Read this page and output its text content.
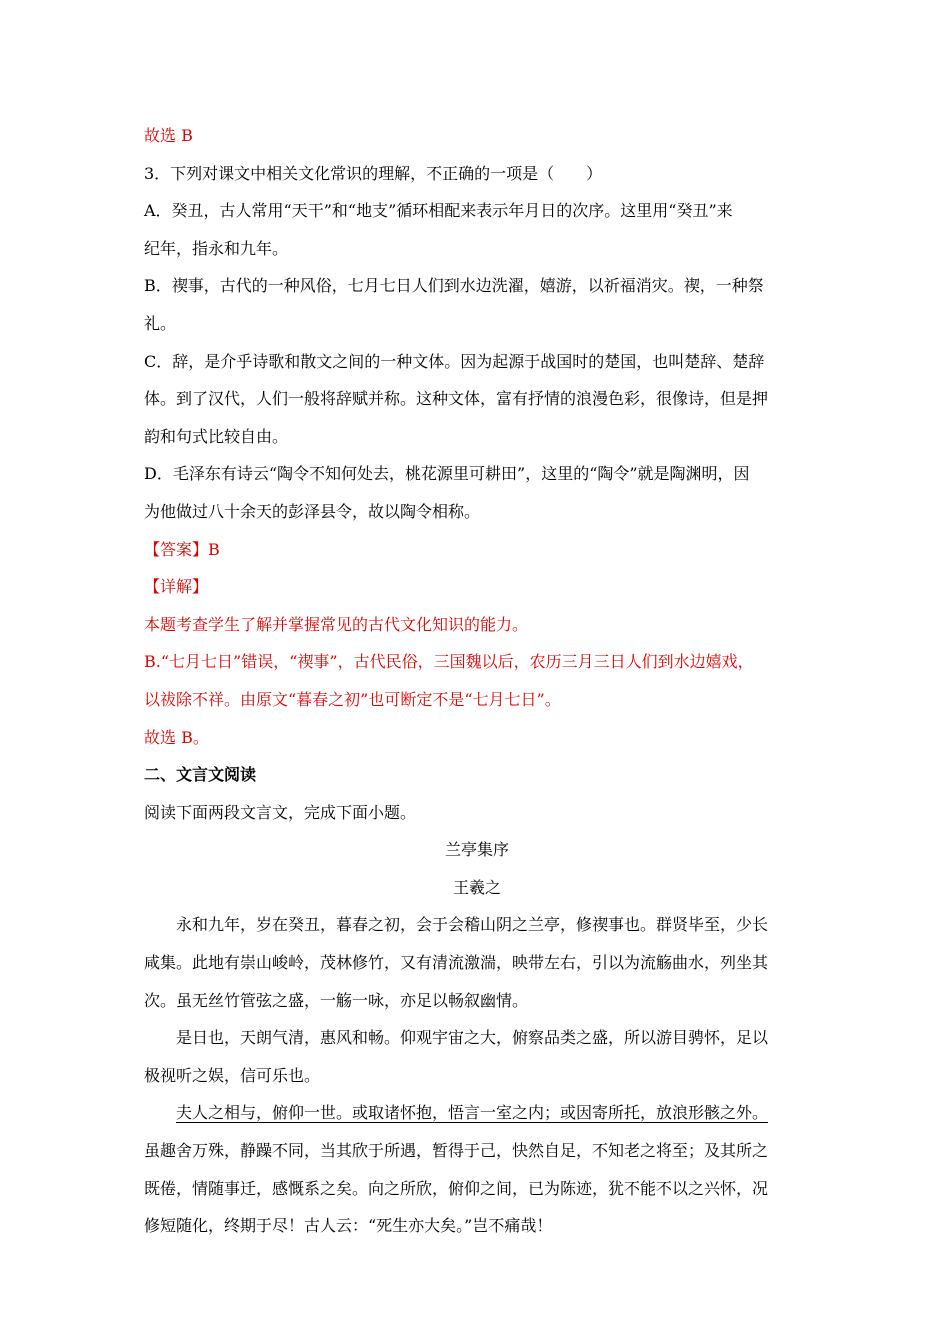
故选 B
3．下列对课文中相关文化常识的理解，不正确的一项是（　　）
A．癸丑，古人常用“天干”和“地支”循环相配来表示年月日的次序。这里用“癸丑”来
纪年，指永和九年。
B．禊事，古代的一种风俗，七月七日人们到水边洗濯，嬉游，以祈福消灾。禊，一种祭
礼。
C．辞，是介乎诗歌和散文之间的一种文体。因为起源于战国时的楚国，也叫楚辞、楚辞
体。到了汉代，人们一般将辞赋并称。这种文体，富有抒情的浪漫色彩，很像诗，但是押
韵和句式比较自由。
D．毛泽东有诗云“陶令不知何处去，桃花源里可耕田”，这里的“陶令”就是陶渊明，因
为他做过八十余天的彭泽县令，故以陶令相称。
【答案】B
【详解】
本题考查学生了解并掌握常见的古代文化知识的能力。
B.“七月七日”错误，“禊事”，古代民俗，三国魏以后，农历三月三日人们到水边嬉戏，
以祓除不祥。由原文“暮春之初”也可断定不是“七月七日”。
故选 B。
二、文言文阅读
阅读下面两段文言文，完成下面小题。
兰亭集序
王羲之
永和九年，岁在癸丑，暮春之初，会于会稽山阴之兰亭，修禊事也。群贤毕至，少长
咸集。此地有崇山峻岭，茂林修竹，又有清流激湍，映带左右，引以为流觞曲水，列坐其
次。虽无丝竹管弦之盛，一觞一咏，亦足以畅叙幽情。
是日也，天朗气清，惠风和畅。仰观宇宙之大，俯察品类之盛，所以游目骋怀，足以
极视听之娱，信可乐也。
夫人之相与，俯仰一世。或取诸怀抱，悟言一室之内；或因寄所托，放浪形骸之外。
虽趣舍万殊，静躁不同，当其欣于所遇，暂得于己，快然自足，不知老之将至；及其所之
既倦，情随事迁，感慨系之矣。向之所欣，俯仰之间，已为陈迹，犹不能不以之兴怀，况
修短随化，终期于尽！古人云：“死生亦大矣。”岂不痛哉！
